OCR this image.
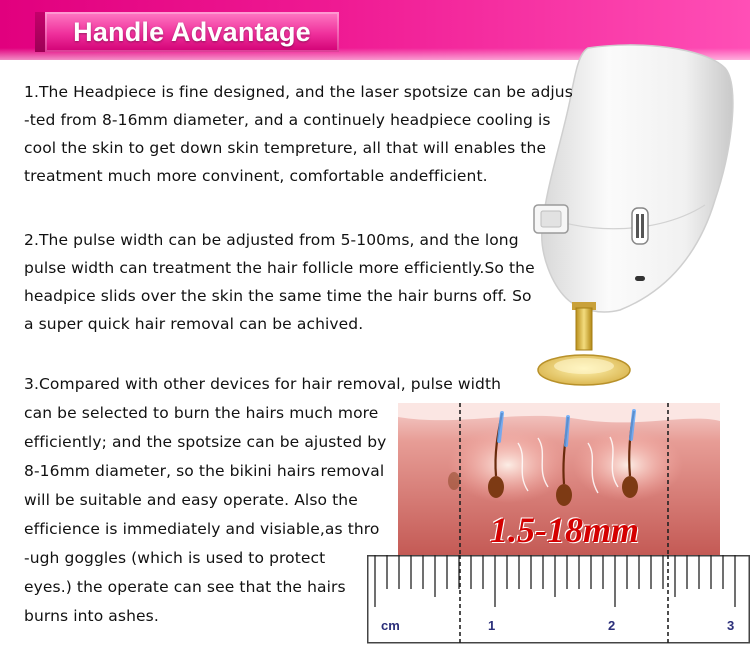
Handle Advantage
1.The Headpiece is fine designed, and the laser spotsize can be adjus
-ted from 8-16mm diameter, and a continuely headpiece cooling is
cool the skin to get down skin tempreture, all that will enables the
treatment much more convinent, comfortable andefficient.
2.The pulse width can be adjusted from 5-100ms, and the long
pulse width can treatment the hair follicle more efficiently.So the
headpice slids over the skin the same time the hair burns off. So
a super quick hair removal can be achived.
1.5-18mm
cm	1	2	3
3.Compared with other devices for hair removal, pulse width
can be selected to burn the hairs much more
efficiently; and the spotsize can be ajusted by
8-16mm diameter, so the bikini hairs removal
will be suitable and easy operate. Also the
efficience is immediately and visiable,as thro
-ugh goggles (which is used to protect
eyes.) the operate can see that the hairs
burns into ashes.
